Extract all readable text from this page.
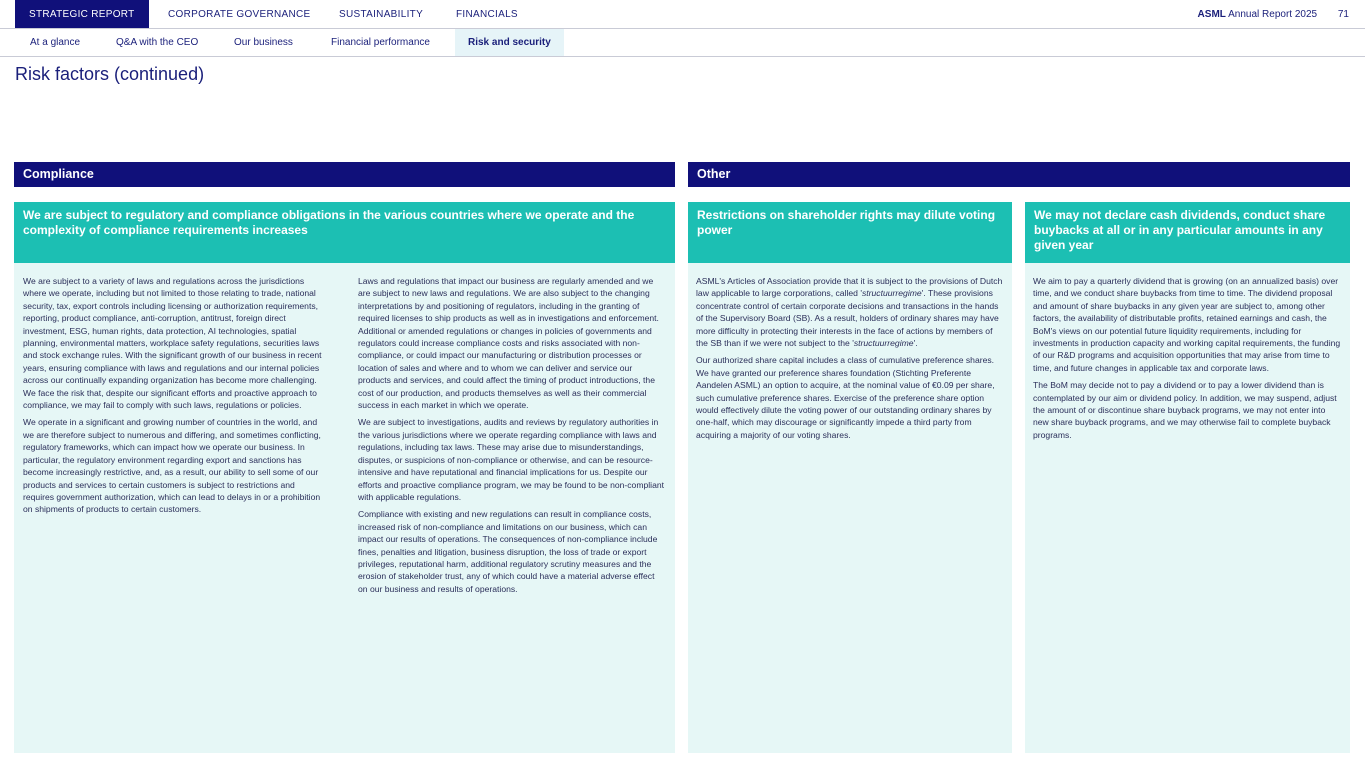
STRATEGIC REPORT	CORPORATE GOVERNANCE	SUSTAINABILITY	FINANCIALS	ASML Annual Report 2025 71
At a glance	Q&A with the CEO	Our business	Financial performance	Risk and security
Risk factors (continued)
Compliance	Other
We are subject to regulatory and compliance obligations in the various countries where we operate and the complexity of compliance requirements increases

We are subject to a variety of laws and regulations across the jurisdictions where we operate, including but not limited to those relating to trade, national security, tax, export controls including licensing or authorization requirements, reporting, product compliance, anti-corruption, antitrust, foreign direct investment, ESG, human rights, data protection, AI technologies, spatial planning, environmental matters, workplace safety regulations, securities laws and stock exchange rules. With the significant growth of our business in recent years, ensuring compliance with laws and regulations and our internal policies across our continually expanding organization has become more challenging. We face the risk that, despite our significant efforts and proactive approach to compliance, we may fail to comply with such laws, regulations or policies.

We operate in a significant and growing number of countries in the world, and we are therefore subject to numerous and differing, and sometimes conflicting, regulatory frameworks, which can impact how we operate our business. In particular, the regulatory environment regarding export and sanctions has become increasingly restrictive, and, as a result, our ability to sell some of our products and services to certain customers is subject to restrictions and requires government authorization, which can lead to delays in or a prohibition on shipments of products to certain customers.

Laws and regulations that impact our business are regularly amended and we are subject to new laws and regulations. We are also subject to the changing interpretations by and positioning of regulators, including in the granting of required licenses to ship products as well as in investigations and enforcement. Additional or amended regulations or changes in policies of governments and regulators could increase compliance costs and risks associated with non-compliance, or could impact our manufacturing or distribution processes or location of sales and where and to whom we can deliver and service our products and services, and could affect the timing of product introductions, the cost of our production, and products themselves as well as their commercial success in each market in which we operate.

We are subject to investigations, audits and reviews by regulatory authorities in the various jurisdictions where we operate regarding compliance with laws and regulations, including tax laws. These may arise due to misunderstandings, disputes, or suspicions of non-compliance or otherwise, and can be resource-intensive and have reputational and financial implications for us. Despite our efforts and proactive compliance program, we may be found to be non-compliant with applicable regulations.

Compliance with existing and new regulations can result in compliance costs, increased risk of non-compliance and limitations on our business, which can impact our results of operations. The consequences of non-compliance include fines, penalties and litigation, business disruption, the loss of trade or export privileges, reputational harm, additional regulatory scrutiny measures and the erosion of stakeholder trust, any of which could have a material adverse effect on our business and results of operations.

Restrictions on shareholder rights may dilute voting power

ASML's Articles of Association provide that it is subject to the provisions of Dutch law applicable to large corporations, called 'structuurregime'. These provisions concentrate control of certain corporate decisions and transactions in the hands of the Supervisory Board (SB). As a result, holders of ordinary shares may have more difficulty in protecting their interests in the face of actions by members of the SB than if we were not subject to the 'structuurregime'.

Our authorized share capital includes a class of cumulative preference shares. We have granted our preference shares foundation (Stichting Preferente Aandelen ASML) an option to acquire, at the nominal value of €0.09 per share, such cumulative preference shares. Exercise of the preference share option would effectively dilute the voting power of our outstanding ordinary shares by one-half, which may discourage or significantly impede a third party from acquiring a majority of our voting shares.

We may not declare cash dividends, conduct share buybacks at all or in any particular amounts in any given year

We aim to pay a quarterly dividend that is growing (on an annualized basis) over time, and we conduct share buybacks from time to time. The dividend proposal and amount of share buybacks in any given year are subject to, among other factors, the availability of distributable profits, retained earnings and cash, the BoM's views on our potential future liquidity requirements, including for investments in production capacity and working capital requirements, the funding of our R&D programs and acquisition opportunities that may arise from time to time, and future changes in applicable tax and corporate laws.

The BoM may decide not to pay a dividend or to pay a lower dividend than is contemplated by our aim or dividend policy. In addition, we may suspend, adjust the amount of or discontinue share buyback programs, we may not enter into new share buyback programs, and we may otherwise fail to complete buyback programs.
